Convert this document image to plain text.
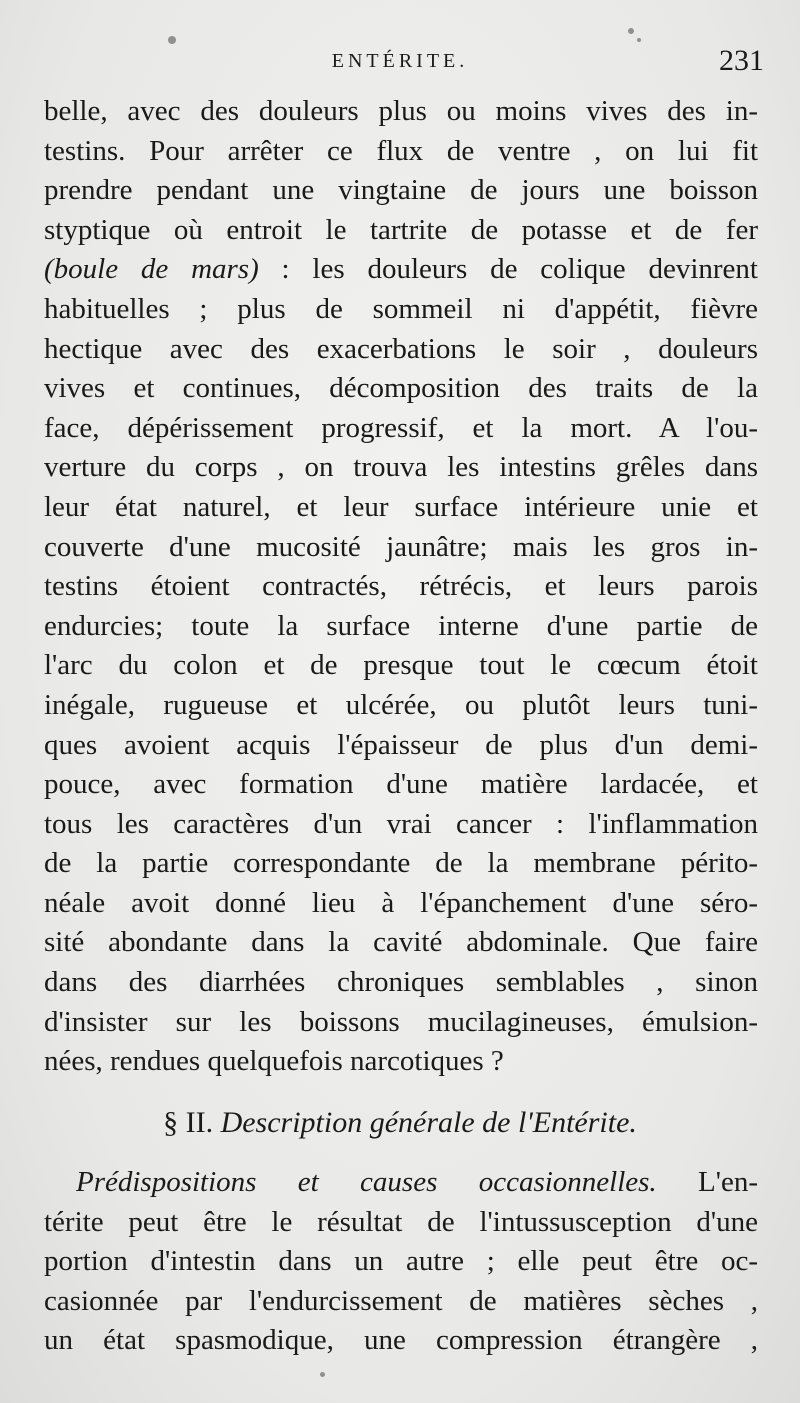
ENTÉRITE.	231
belle, avec des douleurs plus ou moins vives des in-
testins. Pour arrêter ce flux de ventre , on lui fit
prendre pendant une vingtaine de jours une boisson
styptique où entroit le tartrite de potasse et de fer
(boule de mars) : les douleurs de colique devinrent
habituelles ; plus de sommeil ni d'appétit, fièvre
hectique avec des exacerbations le soir , douleurs
vives et continues, décomposition des traits de la
face, dépérissement progressif, et la mort. A l'ou-
verture du corps , on trouva les intestins grêles dans
leur état naturel, et leur surface intérieure unie et
couverte d'une mucosité jaunâtre; mais les gros in-
testins étoient contractés, rétrécis, et leurs parois
endurcies; toute la surface interne d'une partie de
l'arc du colon et de presque tout le cœcum étoit
inégale, rugueuse et ulcérée, ou plutôt leurs tuni-
ques avoient acquis l'épaisseur de plus d'un demi-
pouce, avec formation d'une matière lardacée, et
tous les caractères d'un vrai cancer : l'inflammation
de la partie correspondante de la membrane périto-
néale avoit donné lieu à l'épanchement d'une séro-
sité abondante dans la cavité abdominale. Que faire
dans des diarrhées chroniques semblables , sinon
d'insister sur les boissons mucilagineuses, émulsion-
nées, rendues quelquefois narcotiques ?
§ II. Description générale de l'Entérite.
Prédispositions et causes occasionnelles. L'en-
térite peut être le résultat de l'intussusception d'une
portion d'intestin dans un autre ; elle peut être oc-
casionnée par l'endurcissement de matières sèches ,
un état spasmodique, une compression étrangère ,
